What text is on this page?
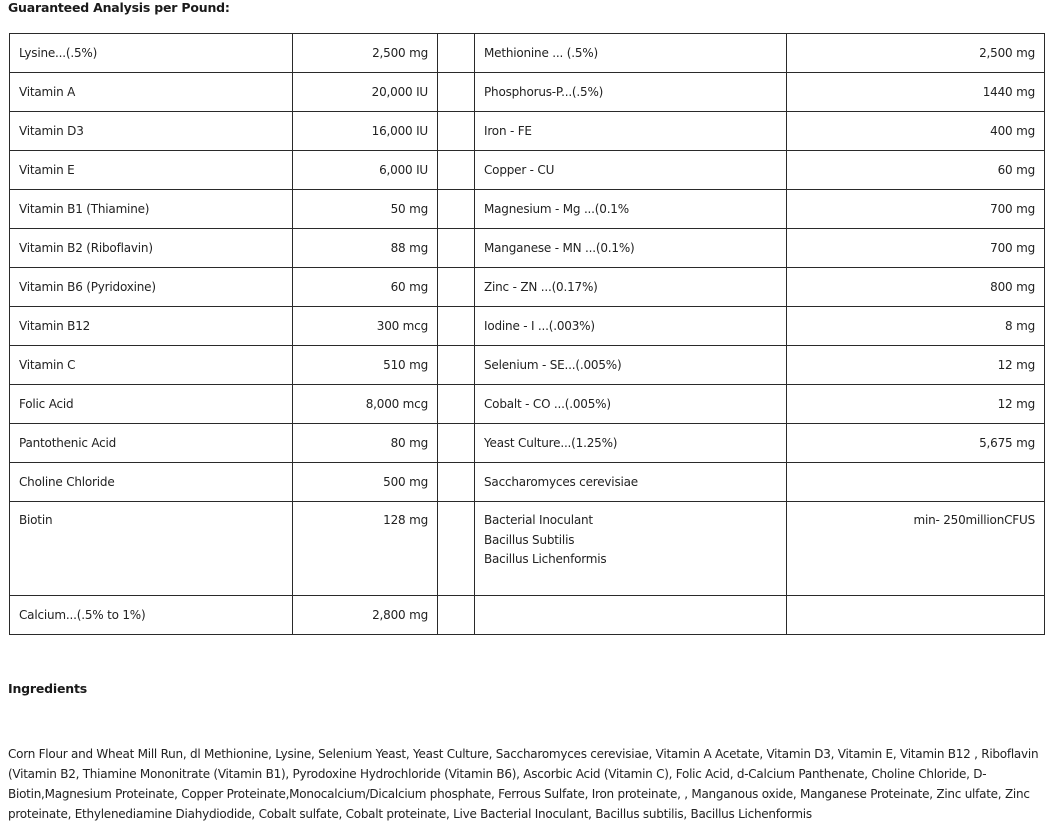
Guaranteed Analysis per Pound:
Lysine...(.5%)	2,500 mg		Methionine ... (.5%)	2,500 mg
Vitamin A	20,000 IU		Phosphorus-P...(.5%)	1440 mg
Vitamin D3	16,000 IU		Iron - FE	400 mg
Vitamin E	6,000 IU		Copper - CU	60 mg
Vitamin B1 (Thiamine)	50 mg		Magnesium - Mg ...(0.1%	700 mg
Vitamin B2 (Riboflavin)	88 mg		Manganese - MN ...(0.1%)	700 mg
Vitamin B6 (Pyridoxine)	60 mg		Zinc - ZN ...(0.17%)	800 mg
Vitamin B12	300 mcg		Iodine - I ...(.003%)	8 mg
Vitamin C	510 mg		Selenium - SE...(.005%)	12 mg
Folic Acid	8,000 mcg		Cobalt - CO ...(.005%)	12 mg
Pantothenic Acid	80 mg		Yeast Culture...(1.25%)	5,675 mg
Choline Chloride	500 mg		Saccharomyces cerevisiae	
Biotin	128 mg		Bacterial Inoculant
Bacillus Subtilis
Bacillus Lichenformis	min- 250millionCFUS
Calcium...(.5% to 1%)	2,800 mg			
Ingredients
Corn Flour and Wheat Mill Run, dl Methionine, Lysine, Selenium Yeast, Yeast Culture, Saccharomyces cerevisiae, Vitamin A Acetate, Vitamin D3, Vitamin E, Vitamin B12 , Riboflavin (Vitamin B2, Thiamine Mononitrate (Vitamin B1), Pyrodoxine Hydrochloride (Vitamin B6), Ascorbic Acid (Vitamin C), Folic Acid, d-Calcium Panthenate, Choline Chloride, D-Biotin,Magnesium Proteinate, Copper Proteinate,Monocalcium/Dicalcium phosphate, Ferrous Sulfate, Iron proteinate, , Manganous oxide, Manganese Proteinate, Zinc ulfate, Zinc proteinate, Ethylenediamine Diahydiodide, Cobalt sulfate, Cobalt proteinate, Live Bacterial Inoculant, Bacillus subtilis, Bacillus Lichenformis
